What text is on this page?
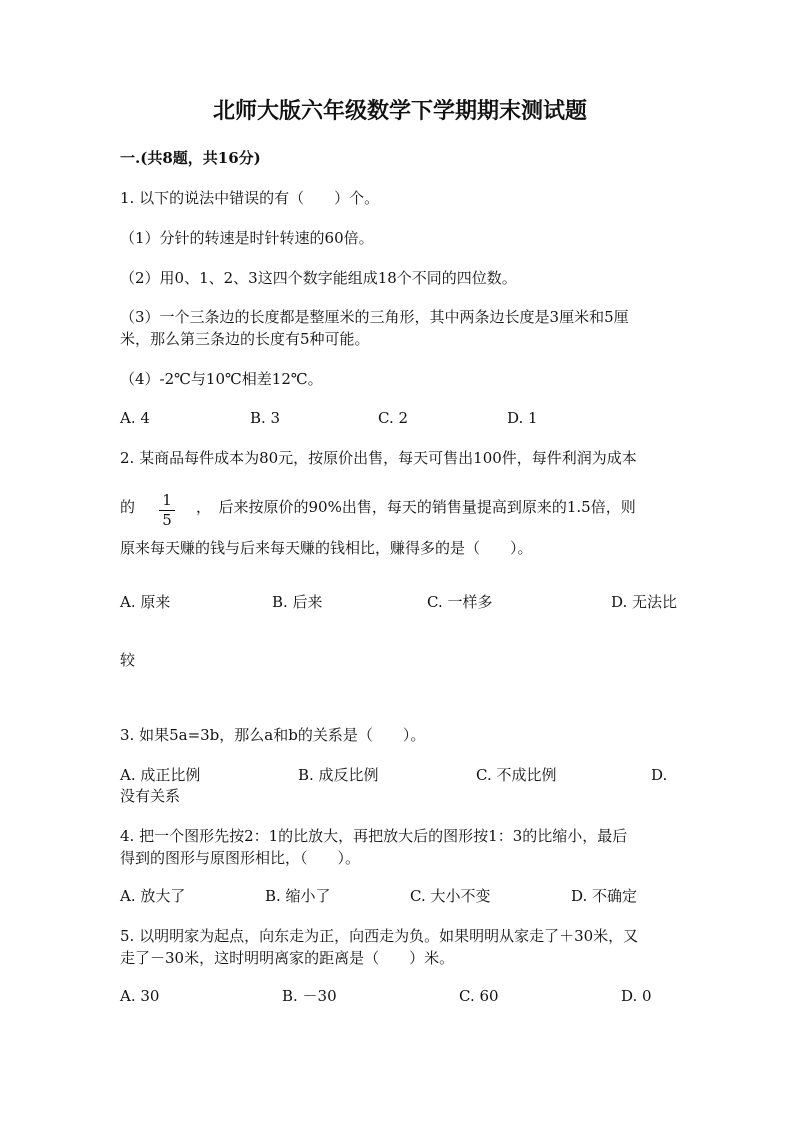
北师大版六年级数学下学期期末测试题

一.(共8题，共16分)

1. 以下的说法中错误的有（　　）个。

（1）分针的转速是时针转速的60倍。

（2）用0、1、2、3这四个数字能组成18个不同的四位数。

（3）一个三条边的长度都是整厘米的三角形，其中两条边长度是3厘米和5厘

米，那么第三条边的长度有5种可能。

（4）-2℃与10℃相差12℃。

A. 4	B. 3	C. 2	D. 1

2. 某商品每件成本为80元，按原价出售，每天可售出100件，每件利润为成本

的 1
5

，　后来按原价的90%出售，每天的销售量提高到原来的1.5倍，则

原来每天赚的钱与后来每天赚的钱相比，赚得多的是（　　）。

A. 原来	B. 后来	C. 一样多	D. 无法比

较

3. 如果5a=3b，那么a和b的关系是（　　）。

A. 成正比例	B. 成反比例	C. 不成比例	D.

没有关系

4. 把一个图形先按2：1的比放大，再把放大后的图形按1：3的比缩小，最后

得到的图形与原图形相比，（　　）。

A. 放大了	B. 缩小了	C. 大小不变	D. 不确定

5. 以明明家为起点，向东走为正，向西走为负。如果明明从家走了＋30米，又

走了－30米，这时明明离家的距离是（　　）米。

A. 30	B. －30	C. 60	D. 0
